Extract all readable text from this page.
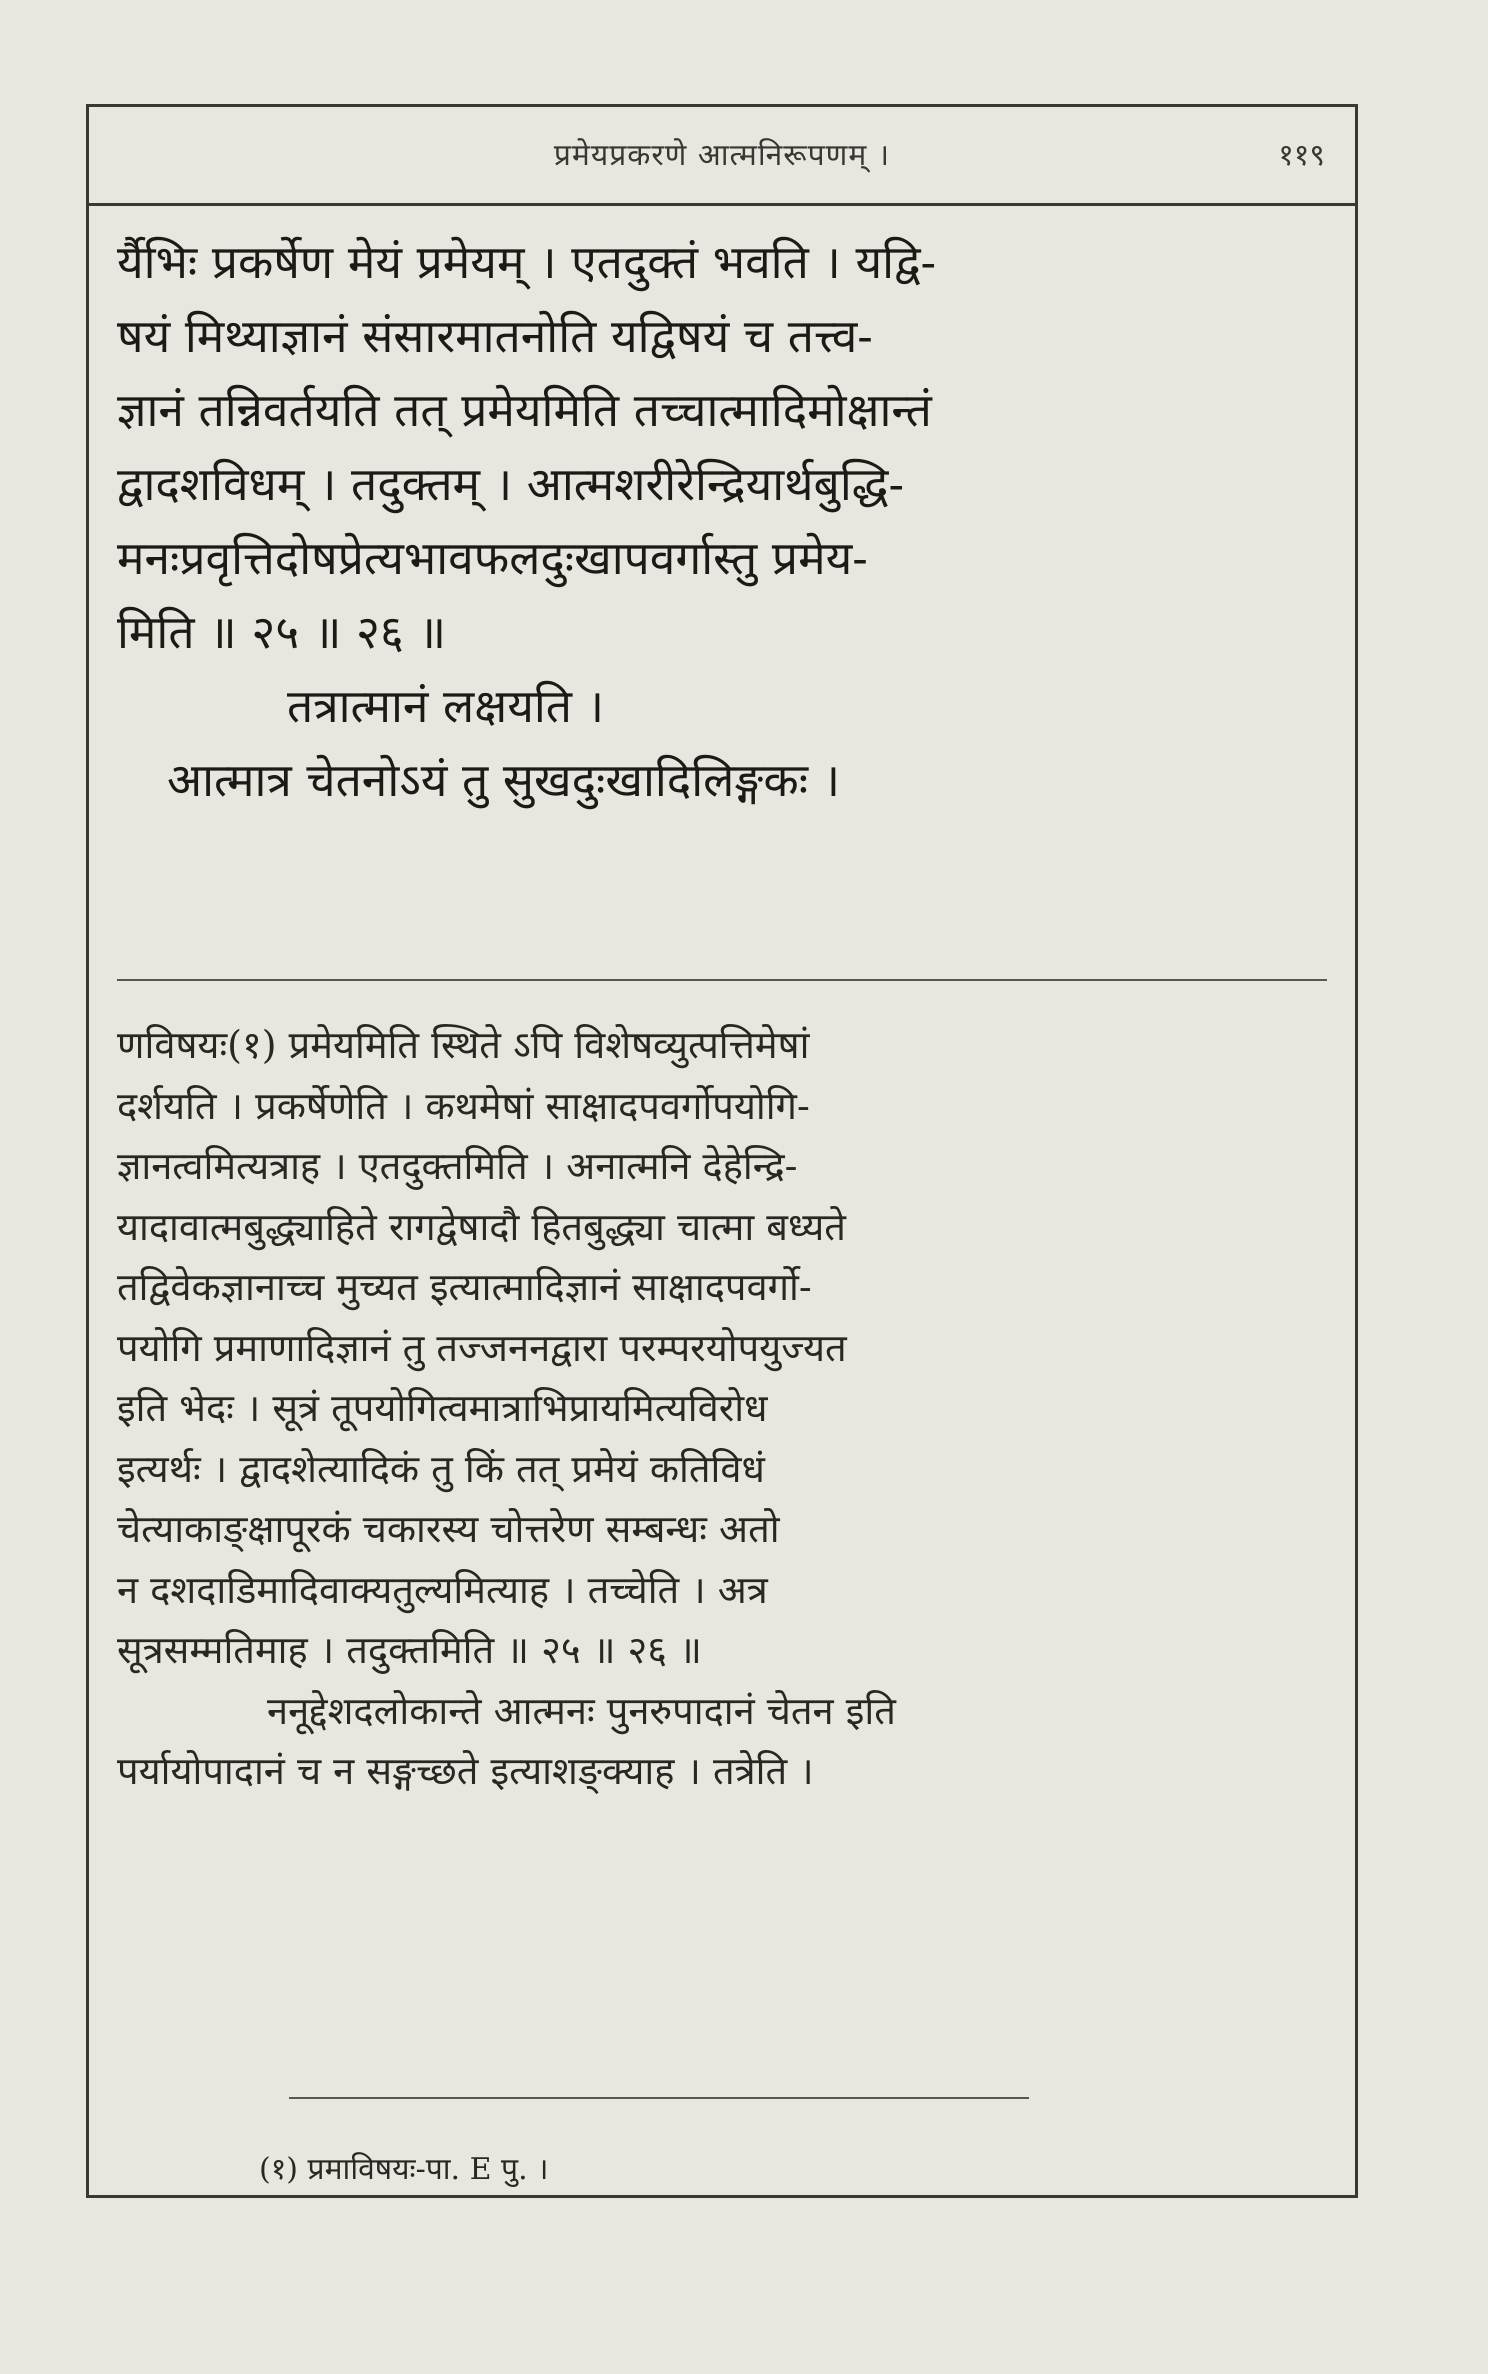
प्रमेयप्रकरणे आत्मनिरूपणम् ।	११९
र्यैभिः प्रकर्षेण मेयं प्रमेयम् । एतदुक्तं भवति । यद्वि-
षयं मिथ्याज्ञानं संसारमातनोति यद्विषयं च तत्त्व-
ज्ञानं तन्निवर्तयति तत् प्रमेयमिति तच्चात्मादिमोक्षान्तं
द्वादशविधम् । तदुक्तम् । आत्मशरीरेन्द्रियार्थबुद्धि-
मनःप्रवृत्तिदोषप्रेत्यभावफलदुःखापवर्गास्तु प्रमेय-
मिति ॥ २५ ॥ २६ ॥
तत्रात्मानं लक्षयति ।
आत्मात्र चेतनोऽयं तु सुखदुःखादिलिङ्गकः ।
णविषयः(१) प्रमेयमिति स्थिते ऽपि विशेषव्युत्पत्तिमेषां
दर्शयति । प्रकर्षेणेति । कथमेषां साक्षादपवर्गोपयोगि-
ज्ञानत्वमित्यत्राह । एतदुक्तमिति । अनात्मनि देहेन्द्रि-
यादावात्मबुद्ध्याहिते रागद्वेषादौ हितबुद्ध्या चात्मा बध्यते
तद्विवेकज्ञानाच्च मुच्यत इत्यात्मादिज्ञानं साक्षादपवर्गो-
पयोगि प्रमाणादिज्ञानं तु तज्जननद्वारा परम्परयोपयुज्यत
इति भेदः । सूत्रं तूपयोगित्वमात्राभिप्रायमित्यविरोध
इत्यर्थः । द्वादशेत्यादिकं तु किं तत् प्रमेयं कतिविधं
चेत्याकाङ्क्षापूरकं चकारस्य चोत्तरेण सम्बन्धः अतो
न दशदाडिमादिवाक्यतुल्यमित्याह । तच्चेति । अत्र
सूत्रसम्मतिमाह । तदुक्तमिति ॥ २५ ॥ २६ ॥
ननूद्देशदलोकान्ते आत्मनः पुनरुपादानं चेतन इति
पर्यायोपादानं च न सङ्गच्छते इत्याशङ्क्याह । तत्रेति ।
(१) प्रमाविषयः-पा. E पु. ।
